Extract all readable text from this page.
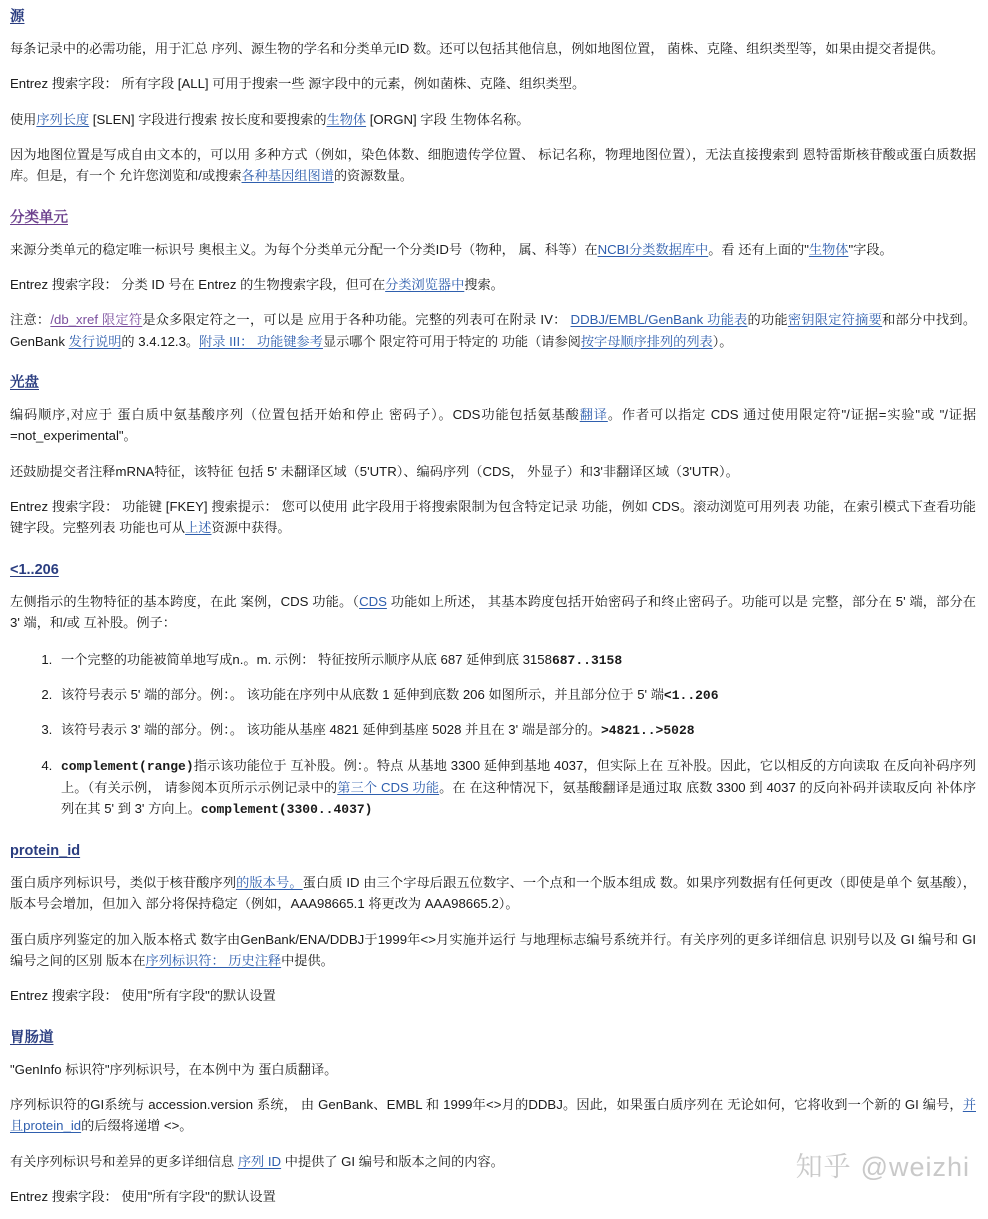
源

每条记录中的必需功能，用于汇总 序列、源生物的学名和分类单元ID 数。还可以包括其他信息，例如地图位置， 菌株、克隆、组织类型等，如果由提交者提供。

Entrez 搜索字段： 所有字段 [ALL] 可用于搜索一些 源字段中的元素，例如菌株、克隆、组织类型。

使用序列长度 [SLEN] 字段进行搜索 按长度和要搜索的生物体 [ORGN] 字段 生物体名称。

因为地图位置是写成自由文本的，可以用 多种方式（例如，染色体数、细胞遗传学位置、 标记名称，物理地图位置），无法直接搜索到 恩特雷斯核苷酸或蛋白质数据库。但是，有一个 允许您浏览和/或搜索各种基因组图谱的资源数量。

分类单元

来源分类单元的稳定唯一标识号 奥根主义。为每个分类单元分配一个分类ID号（物种， 属、科等）在NCBI分类数据库中。看 还有上面的"生物体"字段。

Entrez 搜索字段： 分类 ID 号在 Entrez 的生物搜索字段，但可在分类浏览器中搜索。

注意：/db_xref 限定符是众多限定符之一，可以是 应用于各种功能。完整的列表可在附录 IV： DDBJ/EMBL/GenBank 功能表的功能密钥限定符摘要和部分中找到。 GenBank 发行说明的 3.4.12.3。附录 III： 功能键参考显示哪个 限定符可用于特定的 功能（请参阅按字母顺序排列的列表）。

光盘

编码顺序,对应于 蛋白质中氨基酸序列（位置包括开始和停止 密码子）。CDS功能包括氨基酸翻译。作者可以指定 CDS 通过使用限定符"/证据=实验"或 "/证据=not_experimental"。

还鼓励提交者注释mRNA特征，该特征 包括 5' 未翻译区域（5'UTR）、编码序列（CDS， 外显子）和3'非翻译区域（3'UTR）。

Entrez 搜索字段： 功能键 [FKEY] 搜索提示： 您可以使用 此字段用于将搜索限制为包含特定记录 功能，例如 CDS。滚动浏览可用列表 功能，在索引模式下查看功能键字段。完整列表 功能也可从上述资源中获得。

<1..206

左侧指示的生物特征的基本跨度，在此 案例，CDS 功能。（CDS 功能如上所述， 其基本跨度包括开始密码子和终止密码子。功能可以是 完整，部分在 5' 端，部分在 3' 端，和/或 互补股。例子：

1. 一个完整的功能被简单地写成n.。m. 示例： 特征按所示顺序从底 687 延伸到底 3158687..3158
2. 该符号表示 5' 端的部分。例：。 该功能在序列中从底数 1 延伸到底数 206 如图所示，并且部分位于 5' 端<1..206
3. 该符号表示 3' 端的部分。例：。 该功能从基座 4821 延伸到基座 5028 并且在 3' 端是部分的。>4821..>5028
4. complement(range)指示该功能位于 互补股。例：。特点 从基地 3300 延伸到基地 4037，但实际上在 互补股。因此，它以相反的方向读取 在反向补码序列上。（有关示例， 请参阅本页所示示例记录中的第三个 CDS 功能。在 在这种情况下，氨基酸翻译是通过取 底数 3300 到 4037 的反向补码并读取反向 补体序列在其 5' 到 3' 方向上。complement(3300..4037)
protein_id

蛋白质序列标识号，类似于核苷酸序列的版本号。蛋白质 ID 由三个字母后跟五位数字、一个点和一个版本组成 数。如果序列数据有任何更改（即使是单个 氨基酸），版本号会增加，但加入 部分将保持稳定（例如，AAA98665.1 将更改为 AAA98665.2）。

蛋白质序列鉴定的加入版本格式 数字由GenBank/ENA/DDBJ于1999年<>月实施并运行 与地理标志编号系统并行。有关序列的更多详细信息 识别号以及 GI 编号和 GI 编号之间的区别 版本在序列标识符： 历史注释中提供。

Entrez 搜索字段： 使用"所有字段"的默认设置

胃肠道

"GenInfo 标识符"序列标识号，在本例中为 蛋白质翻译。

序列标识符的GI系统与 accession.version 系统， 由 GenBank、EMBL 和 1999年<>月的DDBJ。因此，如果蛋白质序列在 无论如何，它将收到一个新的 GI 编号，并且protein_id的后缀将递增 <>。

有关序列标识号和差异的更多详细信息 序列 ID 中提供了 GI 编号和版本之间的内容。

Entrez 搜索字段： 使用"所有字段"的默认设置

知乎 @weizhi
